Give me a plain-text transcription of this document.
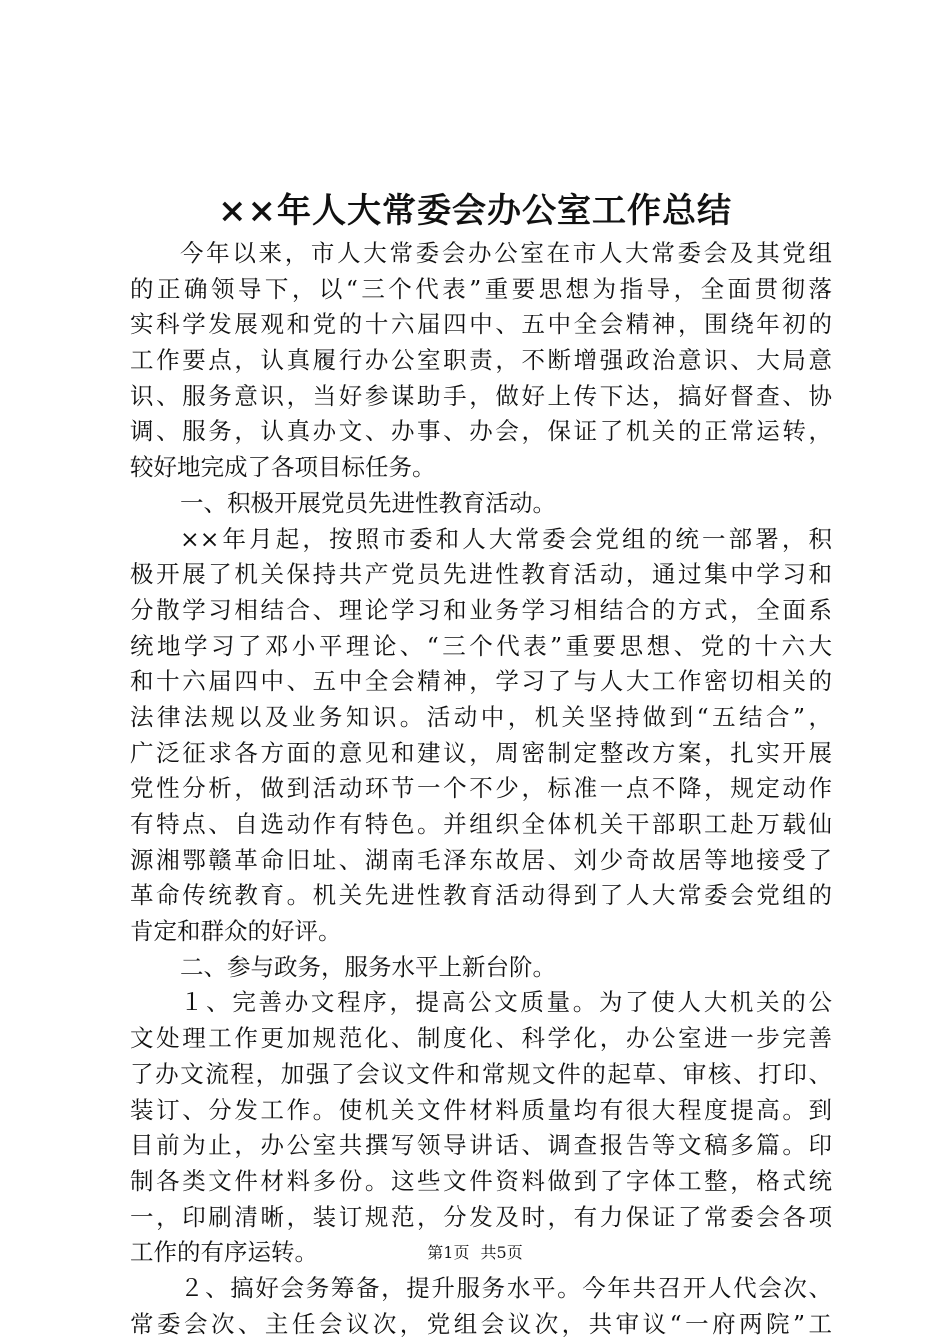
××年人大常委会办公室工作总结
今年以来，市人大常委会办公室在市人大常委会及其党组
的正确领导下，以“三个代表”重要思想为指导，全面贯彻落
实科学发展观和党的十六届四中、五中全会精神，围绕年初的
工作要点，认真履行办公室职责，不断增强政治意识、大局意
识、服务意识，当好参谋助手，做好上传下达，搞好督查、协
调、服务，认真办文、办事、办会，保证了机关的正常运转，
较好地完成了各项目标任务。
一、积极开展党员先进性教育活动。
××年月起，按照市委和人大常委会党组的统一部署，积
极开展了机关保持共产党员先进性教育活动，通过集中学习和
分散学习相结合、理论学习和业务学习相结合的方式，全面系
统地学习了邓小平理论、“三个代表”重要思想、党的十六大
和十六届四中、五中全会精神，学习了与人大工作密切相关的
法律法规以及业务知识。活动中，机关坚持做到“五结合”，
广泛征求各方面的意见和建议，周密制定整改方案，扎实开展
党性分析，做到活动环节一个不少，标准一点不降，规定动作
有特点、自选动作有特色。并组织全体机关干部职工赴万载仙
源湘鄂赣革命旧址、湖南毛泽东故居、刘少奇故居等地接受了
革命传统教育。机关先进性教育活动得到了人大常委会党组的
肯定和群众的好评。
二、参与政务，服务水平上新台阶。
１、完善办文程序，提高公文质量。为了使人大机关的公
文处理工作更加规范化、制度化、科学化，办公室进一步完善
了办文流程，加强了会议文件和常规文件的起草、审核、打印、
装订、分发工作。使机关文件材料质量均有很大程度提高。到
目前为止，办公室共撰写领导讲话、调查报告等文稿多篇。印
制各类文件材料多份。这些文件资料做到了字体工整，格式统
一，印刷清晰，装订规范，分发及时，有力保证了常委会各项
工作的有序运转。
２、搞好会务筹备，提升服务水平。今年共召开人代会次、
常委会次、主任会议次，党组会议次，共审议“一府两院”工
第1页 共5页
